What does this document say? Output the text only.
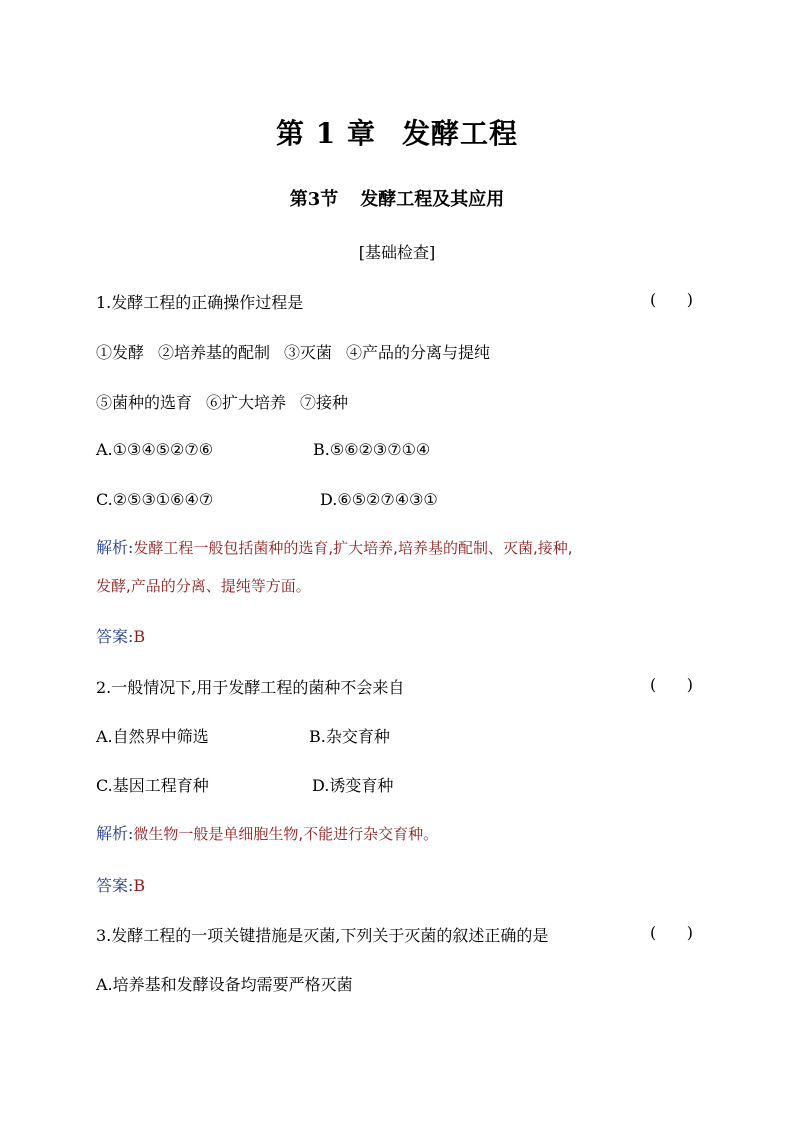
第 1 章 发酵工程
第3节 发酵工程及其应用
[基础检查]
1.发酵工程的正确操作过程是	(      )
①发酵 ②培养基的配制 ③灭菌 ④产品的分离与提纯
⑤菌种的选育 ⑥扩大培养 ⑦接种
A.①③④⑤②⑦⑥	B.⑤⑥②③⑦①④
C.②⑤③①⑥④⑦	D.⑥⑤②⑦④③①
解析:发酵工程一般包括菌种的选育,扩大培养,培养基的配制、灭菌,接种,
发酵,产品的分离、提纯等方面。
答案:B
2.一般情况下,用于发酵工程的菌种不会来自	(      )
A.自然界中筛选	B.杂交育种
C.基因工程育种	D.诱变育种
解析:微生物一般是单细胞生物,不能进行杂交育种。
答案:B
3.发酵工程的一项关键措施是灭菌,下列关于灭菌的叙述正确的是	(      )
A.培养基和发酵设备均需要严格灭菌
